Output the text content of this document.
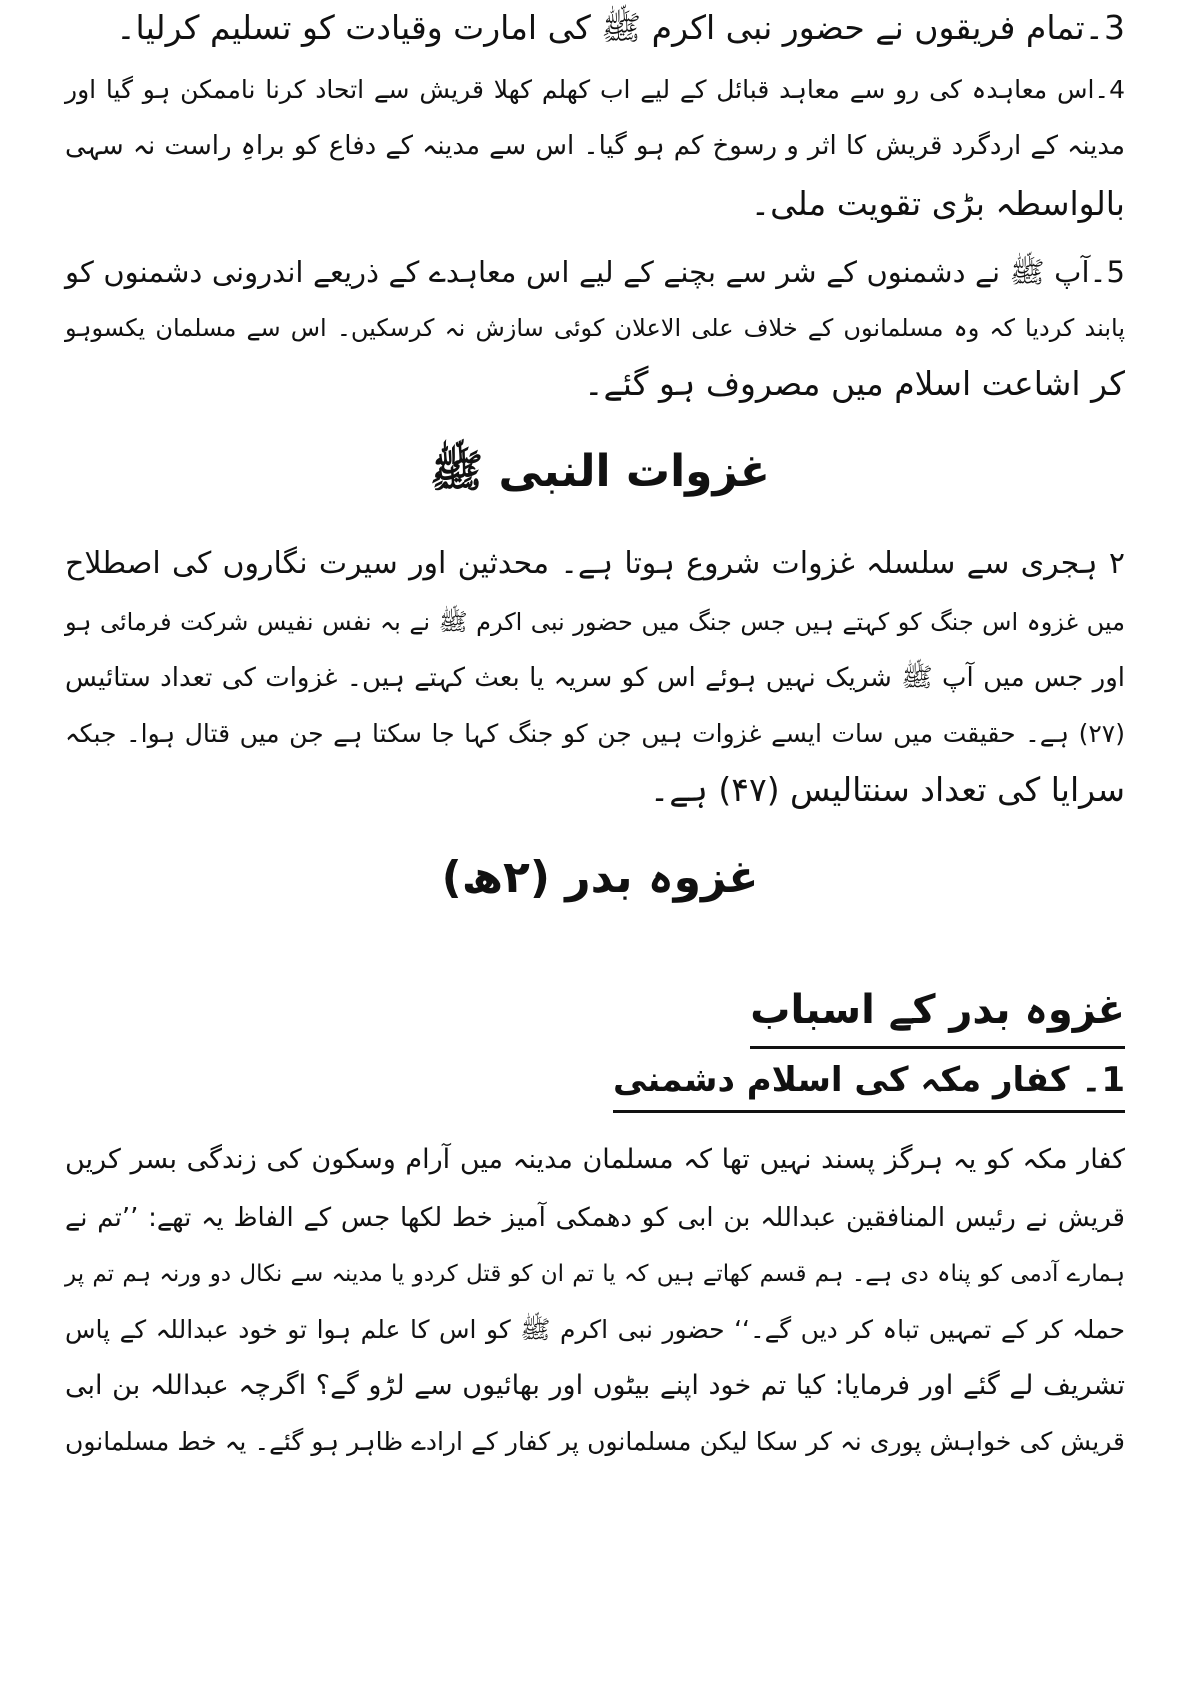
3۔تمام فریقوں نے حضور نبی اکرم ﷺ کی امارت وقیادت کو تسلیم کرلیا۔

4۔اس معاہدہ کی رو سے معاہد قبائل کے لیے اب کھلم کھلا قریش سے اتحاد کرنا ناممکن ہو گیا اور

مدینہ کے اردگرد قریش کا اثر و رسوخ کم ہو گیا۔ اس سے مدینہ کے دفاع کو براہِ راست نہ سہی

بالواسطہ بڑی تقویت ملی۔

5۔آپ ﷺ نے دشمنوں کے شر سے بچنے کے لیے اس معاہدے کے ذریعے اندرونی دشمنوں کو

پابند کردیا کہ وہ مسلمانوں کے خلاف علی الاعلان کوئی سازش نہ کرسکیں۔ اس سے مسلمان یکسوہو

کر اشاعت اسلام میں مصروف ہو گئے۔

غزوات النبی ﷺ

۲ ہجری سے سلسلہ غزوات شروع ہوتا ہے۔ محدثین اور سیرت نگاروں کی اصطلاح

میں غزوہ اس جنگ کو کہتے ہیں جس جنگ میں حضور نبی اکرم ﷺ نے بہ نفس نفیس شرکت فرمائی ہو

اور جس میں آپ ﷺ شریک نہیں ہوئے اس کو سریہ یا بعث کہتے ہیں۔ غزوات کی تعداد ستائیس

(۲۷) ہے۔ حقیقت میں سات ایسے غزوات ہیں جن کو جنگ کہا جا سکتا ہے جن میں قتال ہوا۔ جبکہ

سرایا کی تعداد سنتالیس (۴۷) ہے۔

غزوہ بدر (۲ھ)
غزوہ بدر کے اسباب
1۔ کفار مکہ کی اسلام دشمنی

کفار مکہ کو یہ ہرگز پسند نہیں تھا کہ مسلمان مدینہ میں آرام وسکون کی زندگی بسر کریں

قریش نے رئیس المنافقین عبداللہ بن ابی کو دھمکی آمیز خط لکھا جس کے الفاظ یہ تھے: ’’تم نے

ہمارے آدمی کو پناہ دی ہے۔ ہم قسم کھاتے ہیں کہ یا تم ان کو قتل کردو یا مدینہ سے نکال دو ورنہ ہم تم پر

حملہ کر کے تمہیں تباہ کر دیں گے۔‘‘ حضور نبی اکرم ﷺ کو اس کا علم ہوا تو خود عبداللہ کے پاس

تشریف لے گئے اور فرمایا: کیا تم خود اپنے بیٹوں اور بھائیوں سے لڑو گے؟ اگرچہ عبداللہ بن ابی

قریش کی خواہش پوری نہ کر سکا لیکن مسلمانوں پر کفار کے ارادے ظاہر ہو گئے۔ یہ خط مسلمانوں
